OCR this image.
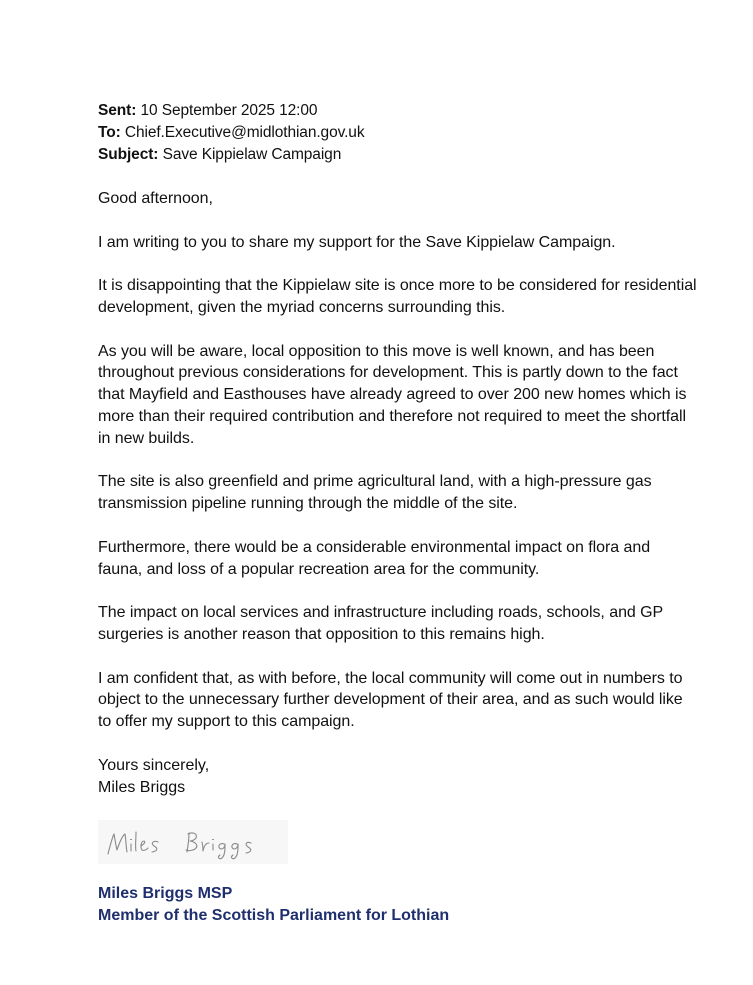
Sent: 10 September 2025 12:00
To: Chief.Executive@midlothian.gov.uk
Subject: Save Kippielaw Campaign

Good afternoon,

I am writing to you to share my support for the Save Kippielaw Campaign.

It is disappointing that the Kippielaw site is once more to be considered for residential development, given the myriad concerns surrounding this.

As you will be aware, local opposition to this move is well known, and has been throughout previous considerations for development. This is partly down to the fact that Mayfield and Easthouses have already agreed to over 200 new homes which is more than their required contribution and therefore not required to meet the shortfall in new builds.

The site is also greenfield and prime agricultural land, with a high-pressure gas transmission pipeline running through the middle of the site.

Furthermore, there would be a considerable environmental impact on flora and fauna, and loss of a popular recreation area for the community.

The impact on local services and infrastructure including roads, schools, and GP surgeries is another reason that opposition to this remains high.

I am confident that, as with before, the local community will come out in numbers to object to the unnecessary further development of their area, and as such would like to offer my support to this campaign.

Yours sincerely,
Miles Briggs
Miles Briggs MSP
Member of the Scottish Parliament for Lothian
